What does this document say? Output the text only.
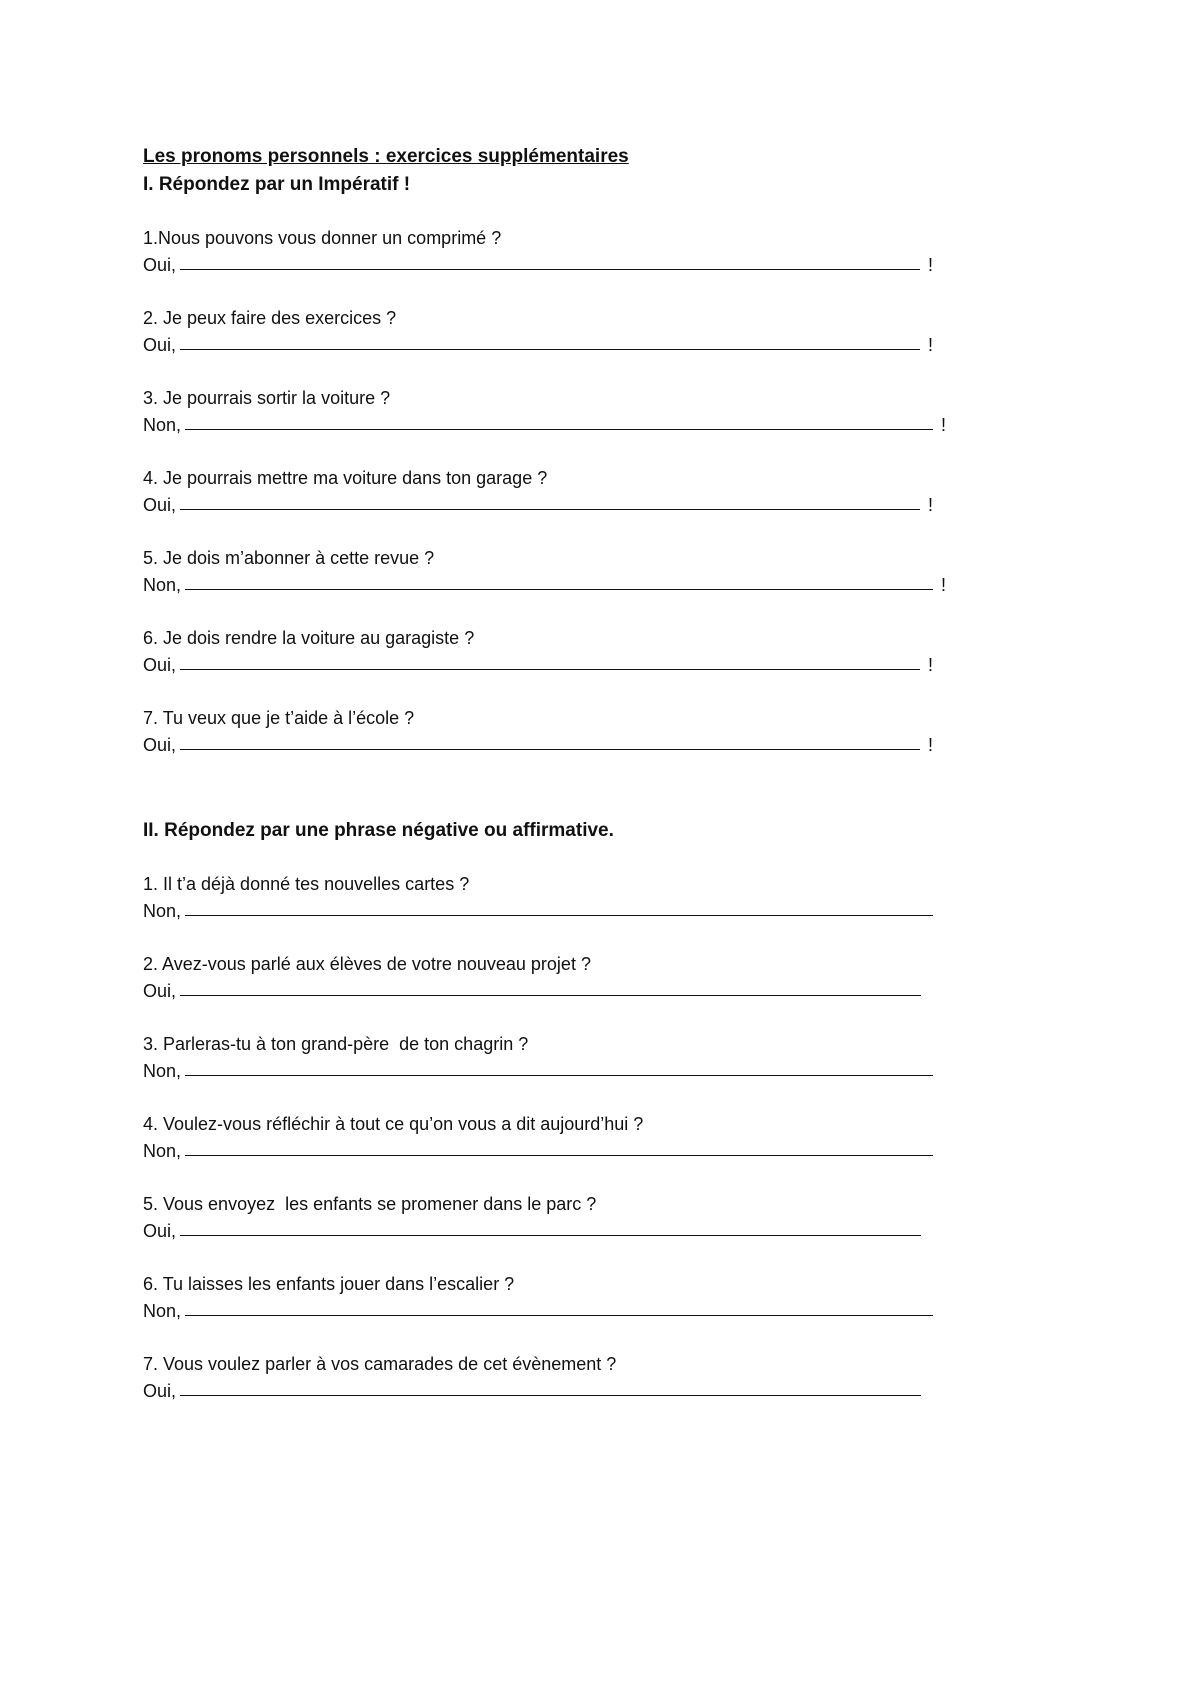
Les pronoms personnels : exercices supplémentaires
I. Répondez par un Impératif !
1.Nous pouvons vous donner un comprimé ?
Oui,	!
2. Je peux faire des exercices ?
Oui,	!
3. Je pourrais sortir la voiture ?
Non,	!
4. Je pourrais mettre ma voiture dans ton garage ?
Oui,	!
5. Je dois m’abonner à cette revue ?
Non,	!
6. Je dois rendre la voiture au garagiste ?
Oui,	!
7. Tu veux que je t’aide à l’école ?
Oui,	!
II. Répondez par une phrase négative ou affirmative.
1. Il t’a déjà donné tes nouvelles cartes ?
Non,
2. Avez-vous parlé aux élèves de votre nouveau projet ?
Oui,
3. Parleras-tu à ton grand-père  de ton chagrin ?
Non,
4. Voulez-vous réfléchir à tout ce qu’on vous a dit aujourd’hui ?
Non,
5. Vous envoyez  les enfants se promener dans le parc ?
Oui,
6. Tu laisses les enfants jouer dans l’escalier ?
Non,
7. Vous voulez parler à vos camarades de cet évènement ?
Oui,
